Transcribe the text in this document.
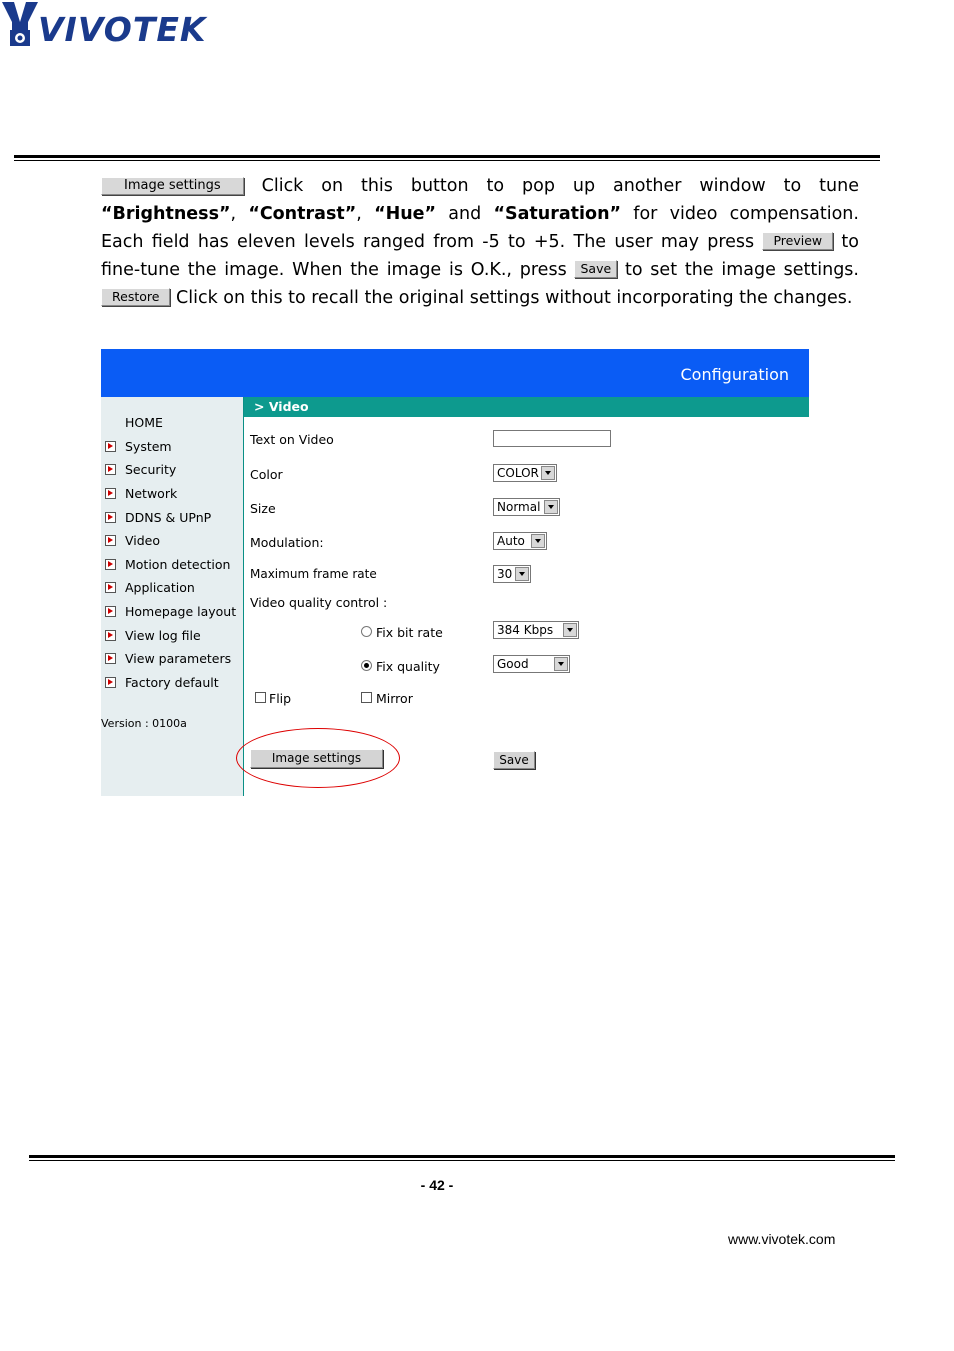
VIVOTEK
Image settings Click on this button to pop up another window to tune “Brightness”, “Contrast”, “Hue” and “Saturation” for video compensation. Each field has eleven levels ranged from -5 to +5. The user may press Preview to fine-tune the image. When the image is O.K., press Save to set the image settings. Restore Click on this to recall the original settings without incorporating the changes.
Configuration
HOME
System
Security
Network
DDNS & UPnP
Video
Motion detection
Application
Homepage layout
View log file
View parameters
Factory default
Version : 0100a
> Video
Text on Video
Color	COLOR
Size	Normal
Modulation:	Auto
Maximum frame rate	30
Video quality control :
Fix bit rate	384 Kbps
Fix quality	Good
Flip	Mirror
Image settings	Save
- 42 -
www.vivotek.com
